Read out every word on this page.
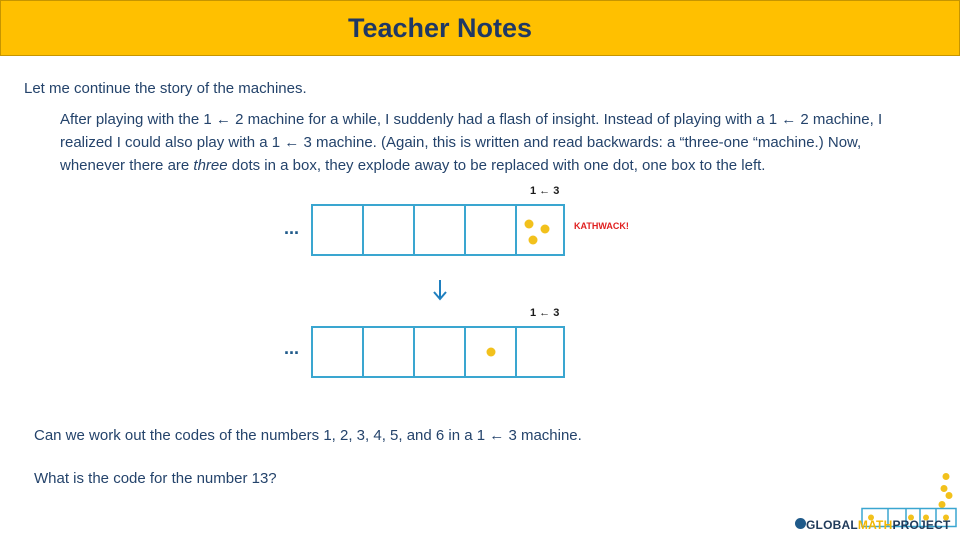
Teacher Notes
Let me continue the story of the machines.
After playing with the 1 ← 2 machine for a while, I suddenly had a flash of insight. Instead of playing with a 1 ← 2 machine, I realized I could also play with a 1 ← 3 machine. (Again, this is written and read backwards: a “three-one “machine.) Now, whenever there are three dots in a box, they explode away to be replaced with one dot, one box to the left.
1 ← 3
...	KATHWACK!
1 ← 3
...
Can we work out the codes of the numbers 1, 2, 3, 4, 5, and 6 in a 1 ← 3 machine.
What is the code for the number 13?
GLOBALMATHPROJECT
